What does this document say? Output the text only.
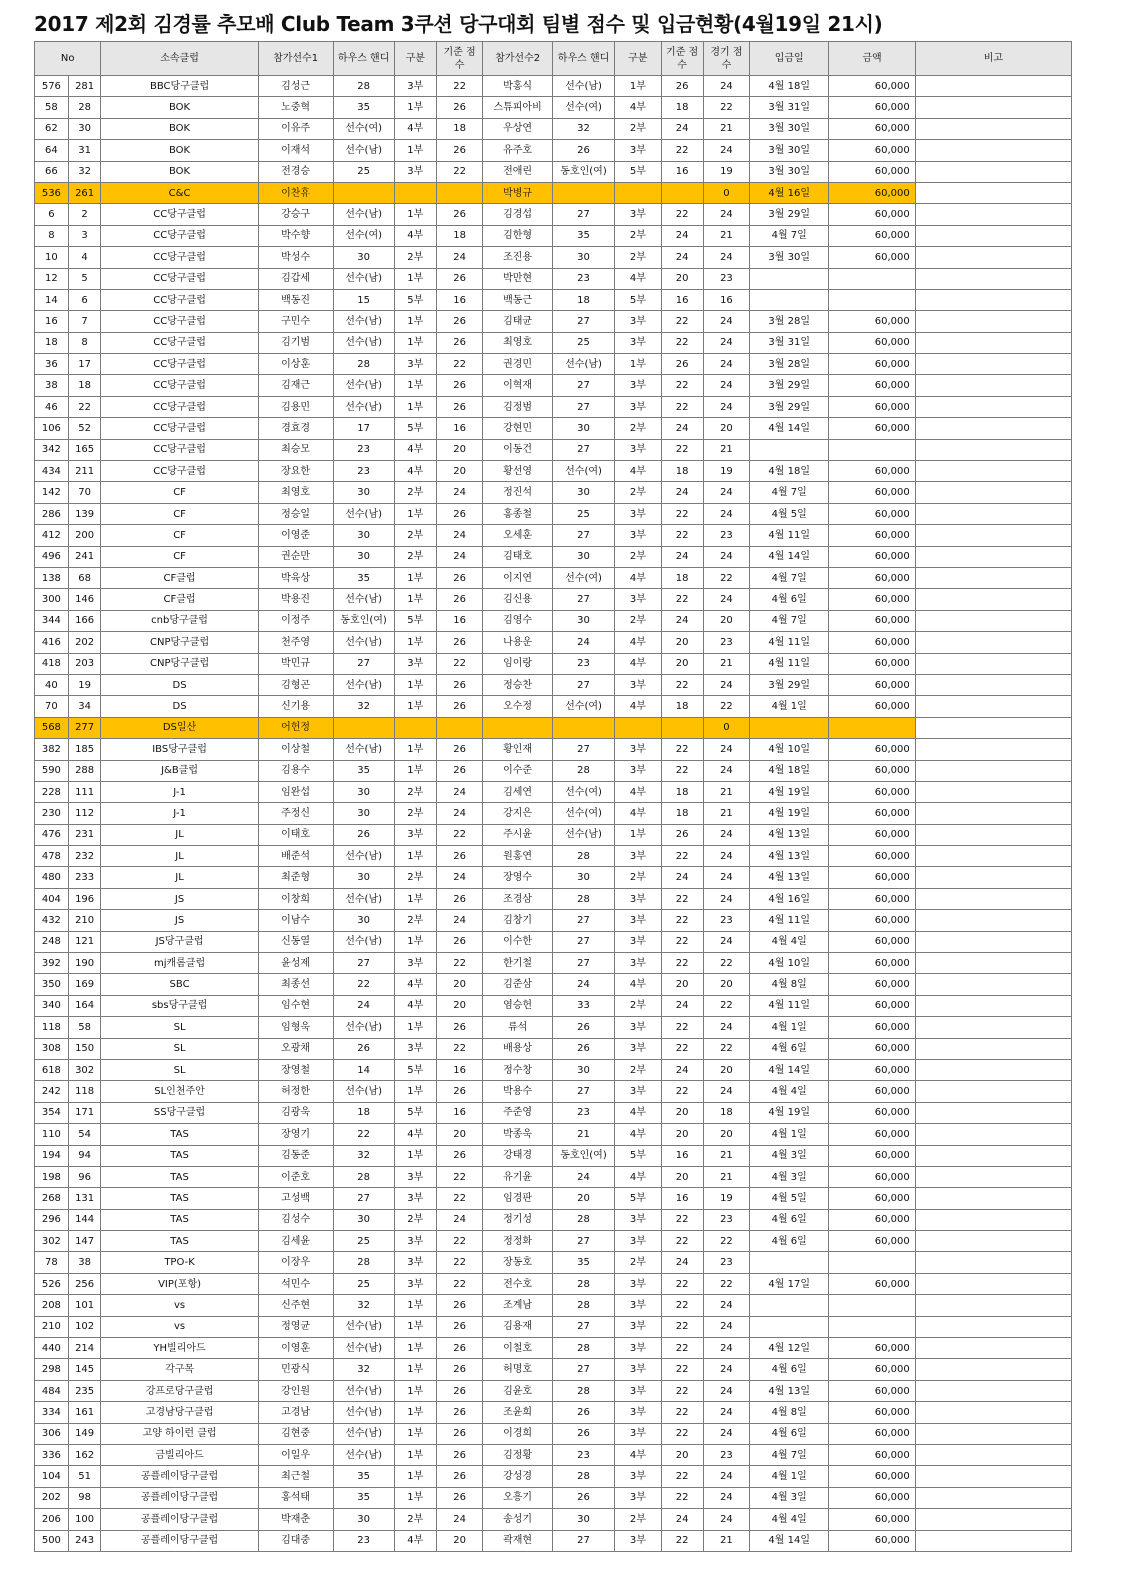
2017 제2회 김경률 추모배 Club Team 3쿠션 당구대회 팀별 점수 및 입금현황(4월19일 21시)
No		소속클럽	참가선수1	하우스 핸디	구분	기준 점수	참가선수2	하우스 핸디	구분	기준 점수	경기 점수	입금일	금액	비고
576	281	BBC당구클럽	김성근	28	3부	22	박홍식	선수(남)	1부	26	24	4월 18일	60,000	
58	28	BOK	노중혁	35	1부	26	스튜피아비	선수(여)	4부	18	22	3월 31일	60,000	
62	30	BOK	이유주	선수(여)	4부	18	우상연	32	2부	24	21	3월 30일	60,000	
64	31	BOK	이재석	선수(남)	1부	26	유주호	26	3부	22	24	3월 30일	60,000	
66	32	BOK	전경승	25	3부	22	전애린	동호인(여)	5부	16	19	3월 30일	60,000	
536	261	C&C	이찬휴				박병규				0	4월 16일	60,000	
6	2	CC당구클럽	강승구	선수(남)	1부	26	김경섭	27	3부	22	24	3월 29일	60,000	
8	3	CC당구클럽	박수향	선수(여)	4부	18	김한형	35	2부	24	21	4월 7일	60,000	
10	4	CC당구클럽	박성수	30	2부	24	조진용	30	2부	24	24	3월 30일	60,000	
12	5	CC당구클럽	김갑세	선수(남)	1부	26	박만현	23	4부	20	23			
14	6	CC당구클럽	백동진	15	5부	16	백동근	18	5부	16	16			
16	7	CC당구클럽	구민수	선수(남)	1부	26	김태균	27	3부	22	24	3월 28일	60,000	
18	8	CC당구클럽	김기범	선수(남)	1부	26	최영호	25	3부	22	24	3월 31일	60,000	
36	17	CC당구클럽	이상훈	28	3부	22	권경민	선수(남)	1부	26	24	3월 28일	60,000	
38	18	CC당구클럽	김재근	선수(남)	1부	26	이혁재	27	3부	22	24	3월 29일	60,000	
46	22	CC당구클럽	김용민	선수(남)	1부	26	김정범	27	3부	22	24	3월 29일	60,000	
106	52	CC당구클럽	경효경	17	5부	16	강현민	30	2부	24	20	4월 14일	60,000	
342	165	CC당구클럽	최승모	23	4부	20	이동건	27	3부	22	21			
434	211	CC당구클럽	장요한	23	4부	20	황선영	선수(여)	4부	18	19	4월 18일	60,000	
142	70	CF	최영호	30	2부	24	정진석	30	2부	24	24	4월 7일	60,000	
286	139	CF	정승일	선수(남)	1부	26	홍종철	25	3부	22	24	4월 5일	60,000	
412	200	CF	이영준	30	2부	24	오세훈	27	3부	22	23	4월 11일	60,000	
496	241	CF	권순만	30	2부	24	김태호	30	2부	24	24	4월 14일	60,000	
138	68	CF클럽	박육상	35	1부	26	이지연	선수(여)	4부	18	22	4월 7일	60,000	
300	146	CF클럽	박용진	선수(남)	1부	26	김신용	27	3부	22	24	4월 6일	60,000	
344	166	cnb당구클럽	이정주	동호인(여)	5부	16	김영수	30	2부	24	20	4월 7일	60,000	
416	202	CNP당구클럽	천주영	선수(남)	1부	26	나용운	24	4부	20	23	4월 11일	60,000	
418	203	CNP당구클럽	박민규	27	3부	22	임이랑	23	4부	20	21	4월 11일	60,000	
40	19	DS	김형곤	선수(남)	1부	26	정승찬	27	3부	22	24	3월 29일	60,000	
70	34	DS	신기용	32	1부	26	오수정	선수(여)	4부	18	22	4월 1일	60,000	
568	277	DS일산	어헌정								0			
382	185	IBS당구클럽	이상철	선수(남)	1부	26	황인재	27	3부	22	24	4월 10일	60,000	
590	288	J&B클럽	김용수	35	1부	26	이수준	28	3부	22	24	4월 18일	60,000	
228	111	J-1	임완섭	30	2부	24	김세연	선수(여)	4부	18	21	4월 19일	60,000	
230	112	J-1	주정신	30	2부	24	강지은	선수(여)	4부	18	21	4월 19일	60,000	
476	231	JL	이태호	26	3부	22	주시윤	선수(남)	1부	26	24	4월 13일	60,000	
478	232	JL	배준석	선수(남)	1부	26	원홍연	28	3부	22	24	4월 13일	60,000	
480	233	JL	최준형	30	2부	24	장영수	30	2부	24	24	4월 13일	60,000	
404	196	JS	이창희	선수(남)	1부	26	조경삼	28	3부	22	24	4월 16일	60,000	
432	210	JS	이남수	30	2부	24	김창기	27	3부	22	23	4월 11일	60,000	
248	121	JS당구클럽	신동열	선수(남)	1부	26	이수한	27	3부	22	24	4월 4일	60,000	
392	190	mj캐롬클럽	윤성제	27	3부	22	한기철	27	3부	22	22	4월 10일	60,000	
350	169	SBC	최종선	22	4부	20	김준삼	24	4부	20	20	4월 8일	60,000	
340	164	sbs당구클럽	임수현	24	4부	20	염승헌	33	2부	24	22	4월 11일	60,000	
118	58	SL	임형욱	선수(남)	1부	26	류석	26	3부	22	24	4월 1일	60,000	
308	150	SL	오광채	26	3부	22	배용상	26	3부	22	22	4월 6일	60,000	
618	302	SL	장영철	14	5부	16	정수창	30	2부	24	20	4월 14일	60,000	
242	118	SL인천주안	허정한	선수(남)	1부	26	박용수	27	3부	22	24	4월 4일	60,000	
354	171	SS당구클럽	김광욱	18	5부	16	주준영	23	4부	20	18	4월 19일	60,000	
110	54	TAS	장영기	22	4부	20	박종욱	21	4부	20	20	4월 1일	60,000	
194	94	TAS	김동준	32	1부	26	강태경	동호인(여)	5부	16	21	4월 3일	60,000	
198	96	TAS	이준호	28	3부	22	유기윤	24	4부	20	21	4월 3일	60,000	
268	131	TAS	고성백	27	3부	22	임경판	20	5부	16	19	4월 5일	60,000	
296	144	TAS	김성수	30	2부	24	정기성	28	3부	22	23	4월 6일	60,000	
302	147	TAS	김세윤	25	3부	22	정정화	27	3부	22	22	4월 6일	60,000	
78	38	TPO-K	이장우	28	3부	22	장동호	35	2부	24	23			
526	256	VIP(포항)	석민수	25	3부	22	전수호	28	3부	22	22	4월 17일	60,000	
208	101	vs	신주현	32	1부	26	조계남	28	3부	22	24			
210	102	vs	정영균	선수(남)	1부	26	김용재	27	3부	22	24			
440	214	YH빌리아드	이영훈	선수(남)	1부	26	이철호	28	3부	22	24	4월 12일	60,000	
298	145	각구목	민광식	32	1부	26	허명호	27	3부	22	24	4월 6일	60,000	
484	235	강프로당구클럽	강인원	선수(남)	1부	26	김윤호	28	3부	22	24	4월 13일	60,000	
334	161	고경남당구클럽	고경남	선수(남)	1부	26	조윤희	26	3부	22	24	4월 8일	60,000	
306	149	고양 하이런 클럽	김현중	선수(남)	1부	26	이경희	26	3부	22	24	4월 6일	60,000	
336	162	금빌리아드	이일우	선수(남)	1부	26	김정황	23	4부	20	23	4월 7일	60,000	
104	51	공플레이당구클럽	최근철	35	1부	26	강성경	28	3부	22	24	4월 1일	60,000	
202	98	공플레이당구클럽	홍석태	35	1부	26	오흥기	26	3부	22	24	4월 3일	60,000	
206	100	공플레이당구클럽	박재춘	30	2부	24	송성기	30	2부	24	24	4월 4일	60,000	
500	243	공플레이당구클럽	김대중	23	4부	20	곽재현	27	3부	22	21	4월 14일	60,000	
